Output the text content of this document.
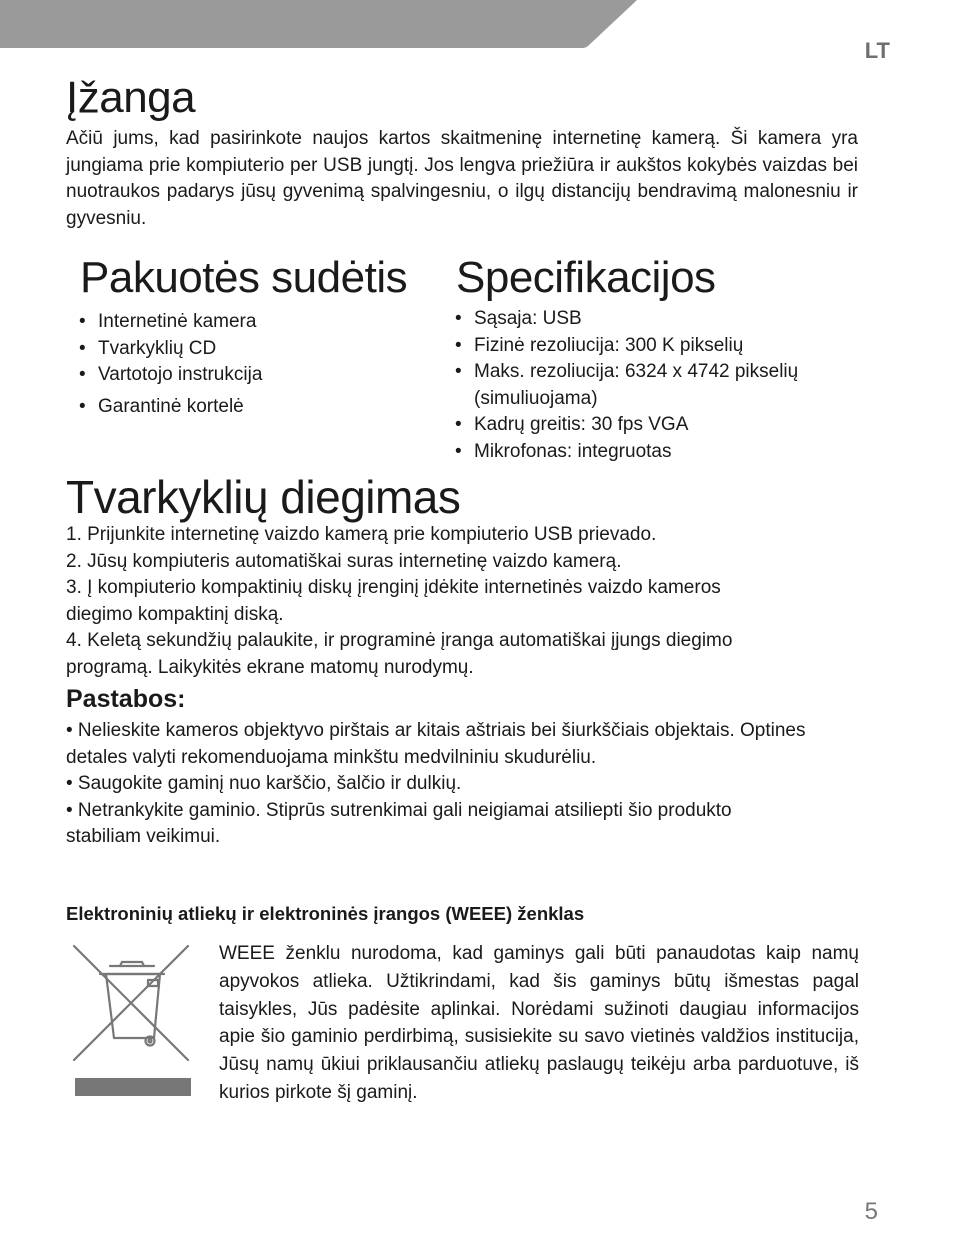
LT
Įžanga

Ačiū jums, kad pasirinkote naujos kartos skaitmeninę internetinę kamerą. Ši kamera yra jungiama prie kompiuterio per USB jungtį. Jos lengva priežiūra ir aukštos kokybės vaizdas bei nuotraukos padarys jūsų gyvenimą spalvingesniu, o ilgų distancijų bendravimą malonesniu ir gyvesniu.

Pakuotės sudėtis
• Internetinė kamera
• Tvarkyklių CD
• Vartotojo instrukcija
• Garantinė kortelė
Specifikacijos
• Sąsaja: USB
• Fizinė rezoliucija: 300 K pikselių
• Maks. rezoliucija: 6324 x 4742 pikselių (simuliuojama)
• Kadrų greitis: 30 fps VGA
• Mikrofonas: integruotas
Tvarkyklių diegimas
1. Prijunkite internetinę vaizdo kamerą prie kompiuterio USB prievado.
2. Jūsų kompiuteris automatiškai suras internetinę vaizdo kamerą.
3. Į kompiuterio kompaktinių diskų įrenginį įdėkite internetinės vaizdo kameros diegimo kompaktinį diską.
4. Keletą sekundžių palaukite, ir programinė įranga automatiškai įjungs diegimo programą. Laikykitės ekrane matomų nurodymų.
Pastabos:
• Nelieskite kameros objektyvo pirštais ar kitais aštriais bei šiurkščiais objektais. Optines detales valyti rekomenduojama minkštu medvilniniu skudurėliu.
• Saugokite gaminį nuo karščio, šalčio ir dulkių.
• Netrankykite gaminio. Stiprūs sutrenkimai gali neigiamai atsiliepti šio produkto stabiliam veikimui.
Elektroninių atliekų ir elektroninės įrangos (WEEE) ženklas

WEEE ženklu nurodoma, kad gaminys gali būti panaudotas kaip namų apyvokos atlieka. Užtikrindami, kad šis gaminys būtų išmestas pagal taisykles, Jūs padėsite aplinkai. Norėdami sužinoti daugiau informacijos apie šio gaminio perdirbimą, susisiekite su savo vietinės valdžios institucija, Jūsų namų ūkiui priklausančiu atliekų paslaugų teikėju arba parduotuve, iš kurios pirkote šį gaminį.

5
